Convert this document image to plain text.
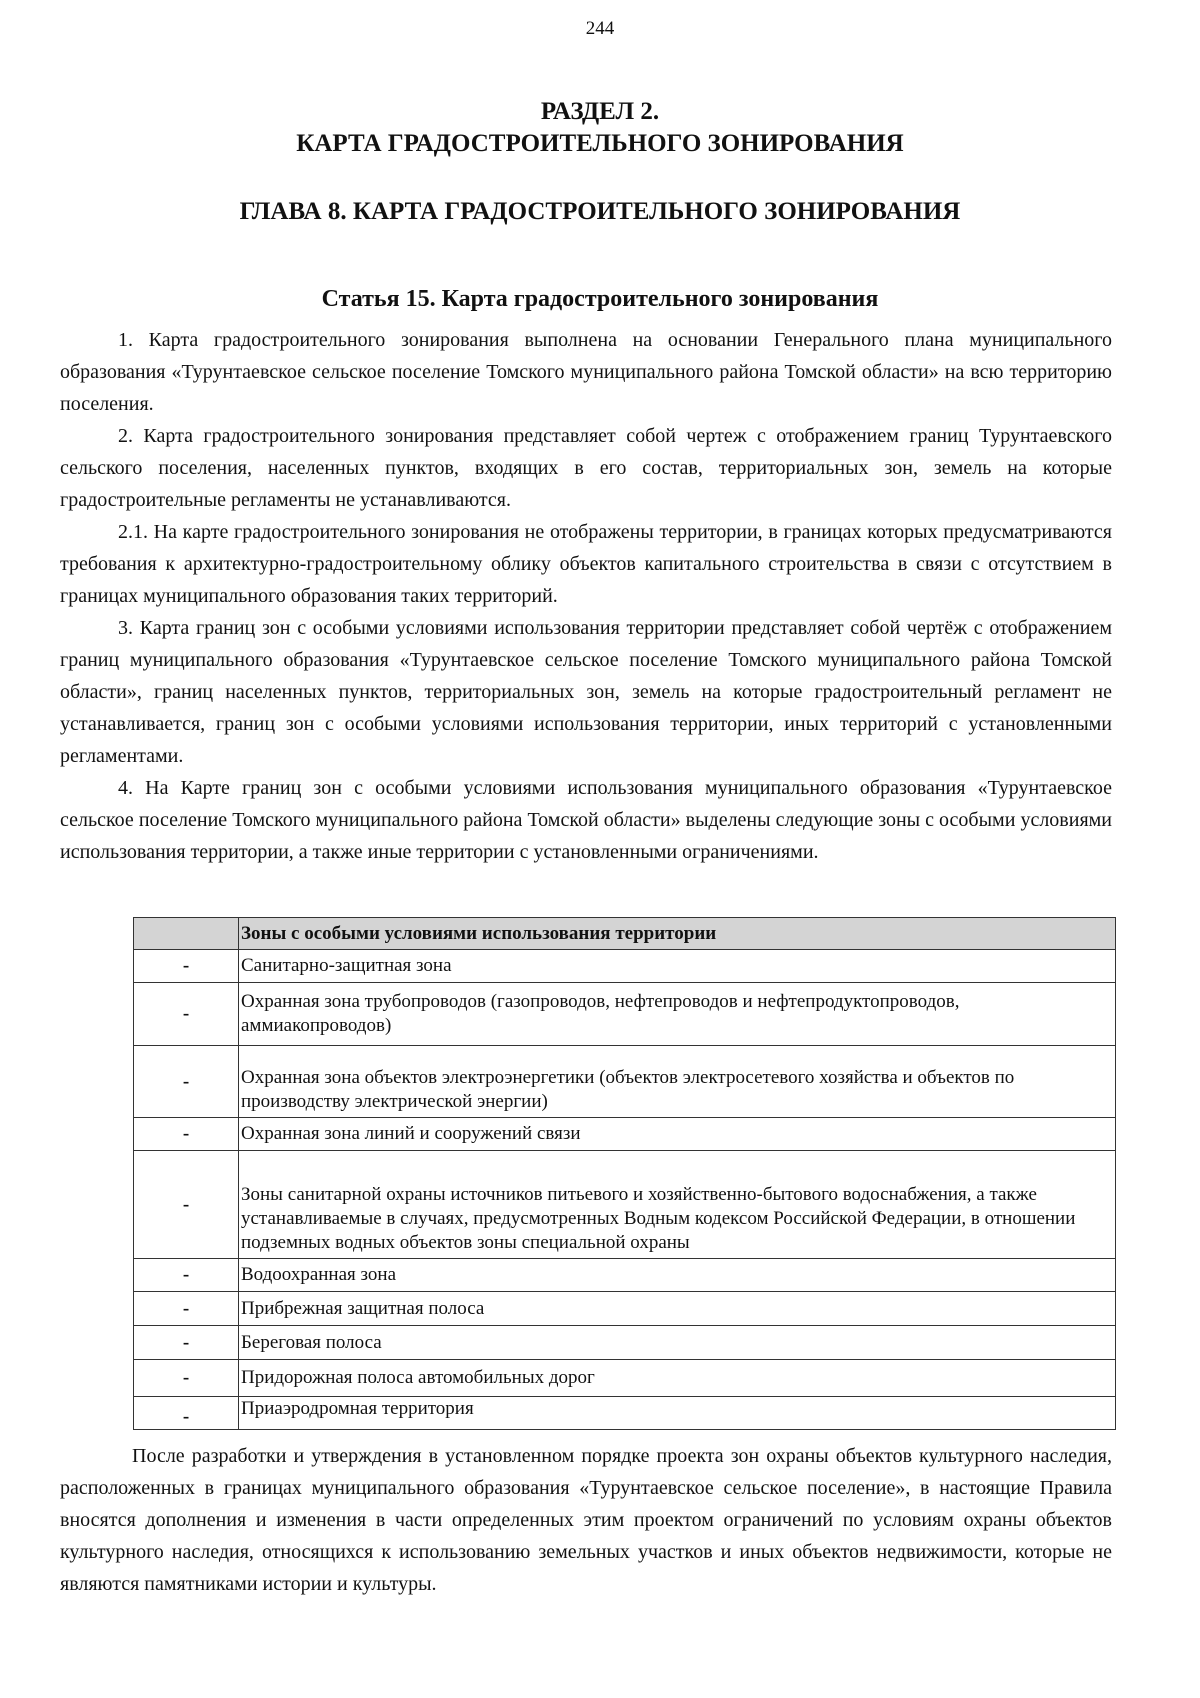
244
РАЗДЕЛ 2.
КАРТА ГРАДОСТРОИТЕЛЬНОГО ЗОНИРОВАНИЯ
ГЛАВА 8. КАРТА ГРАДОСТРОИТЕЛЬНОГО ЗОНИРОВАНИЯ
Статья 15. Карта градостроительного зонирования

1. Карта градостроительного зонирования выполнена на основании Генерального плана муниципального образования «Турунтаевское сельское поселение Томского муниципального района Томской области» на всю территорию поселения.

2. Карта градостроительного зонирования представляет собой чертеж с отображением границ Турунтаевского сельского поселения, населенных пунктов, входящих в его состав, территориальных зон, земель на которые градостроительные регламенты не устанавливаются.

2.1. На карте градостроительного зонирования не отображены территории, в границах которых предусматриваются требования к архитектурно-градостроительному облику объектов капитального строительства в связи с отсутствием в границах муниципального образования таких территорий.

3. Карта границ зон с особыми условиями использования территории представляет собой чертёж с отображением границ муниципального образования «Турунтаевское сельское поселение Томского муниципального района Томской области», границ населенных пунктов, территориальных зон, земель на которые градостроительный регламент не устанавливается, границ зон с особыми условиями использования территории, иных территорий с установленными регламентами.

4. На Карте границ зон с особыми условиями использования муниципального образования «Турунтаевское сельское поселение Томского муниципального района Томской области» выделены следующие зоны с особыми условиями использования территории, а также иные территории с установленными ограничениями.

	Зоны с особыми условиями использования территории
-	Санитарно-защитная зона
-	Охранная зона трубопроводов (газопроводов, нефтепроводов и нефтепродуктопроводов, аммиакопроводов)
-	Охранная зона объектов электроэнергетики (объектов электросетевого хозяйства и объектов по производству электрической энергии)
-	Охранная зона линий и сооружений связи
-	Зоны санитарной охраны источников питьевого и хозяйственно-бытового водоснабжения, а также устанавливаемые в случаях, предусмотренных Водным кодексом Российской Федерации, в отношении подземных водных объектов зоны специальной охраны
-	Водоохранная зона
-	Прибрежная защитная полоса
-	Береговая полоса
-	Придорожная полоса автомобильных дорог
-	Приаэродромная территория

После разработки и утверждения в установленном порядке проекта зон охраны объектов культурного наследия, расположенных в границах муниципального образования «Турунтаевское сельское поселение», в настоящие Правила вносятся дополнения и изменения в части определенных этим проектом ограничений по условиям охраны объектов культурного наследия, относящихся к использованию земельных участков и иных объектов недвижимости, которые не являются памятниками истории и культуры.
